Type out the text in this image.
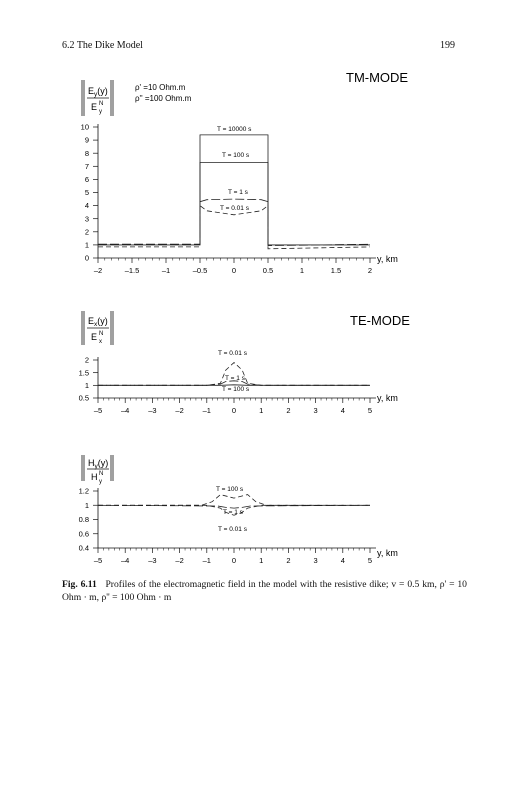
6.2 The Dike Model	199
$E_y(y)$
E N
y
ρ' =10 Ohm.m
ρ'' =100 Ohm.m
TM-MODE
–2	–1.5	–1	–0.5	0	0.5	1	1.5	2
0
1
2
3
4
5
6
7
8
9
10
y, km
T = 10000 s
T = 100 s
T = 1 s
T = 0.01 s
$E_x(y)$
E N
x
TE-MODE
–5	–4	–3	–2	–1	0	1	2	3	4	5
0.5
1
1.5
2
y, km
T = 0.01 s
T = 1 s
T = 100 s
$H_y(y)$
H N
y
–5	–4	–3	–2	–1	0	1	2	3	4	5
0.4
0.6
0.8
1
1.2
y, km
T = 100 s
T = 1 s
T = 0.01 s
Fig. 6.11 Profiles of the electromagnetic field in the model with the resistive dike; v = 0.5 km, ρ' = 10 Ohm · m, ρ'' = 100 Ohm · m
